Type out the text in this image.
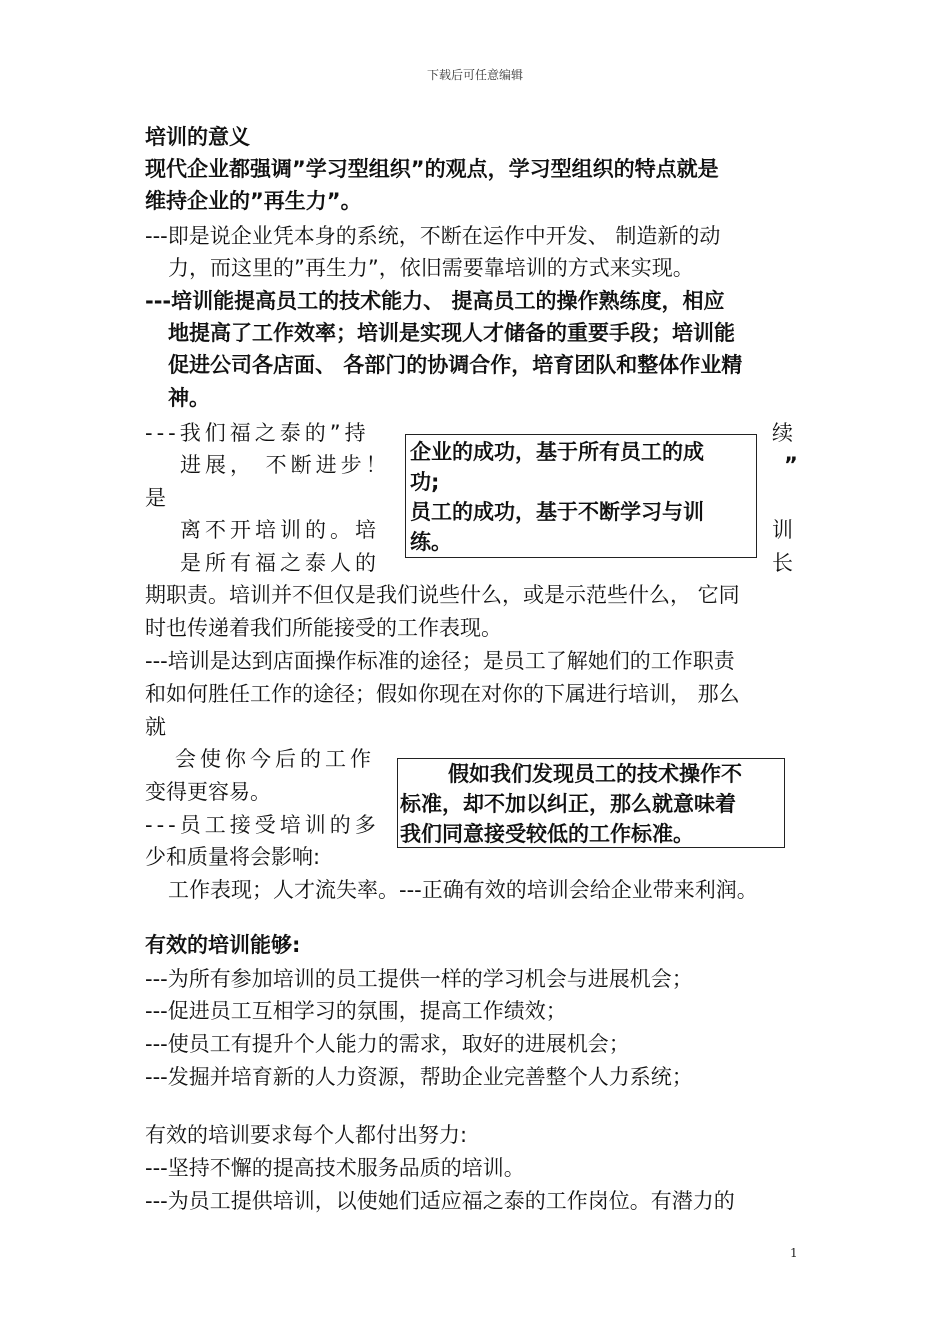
下载后可任意编辑
培训的意义
现代企业都强调”学习型组织”的观点，学习型组织的特点就是
维持企业的”再生力”。
---即是说企业凭本身的系统，不断在运作中开发、 制造新的动
力，而这里的”再生力”，依旧需要靠培训的方式来实现。
---培训能提高员工的技术能力、 提高员工的操作熟练度，相应
地提高了工作效率；培训是实现人才储备的重要手段；培训能
促进公司各店面、 各部门的协调合作，培育团队和整体作业精
神。
---我们福之泰的”持	续
进展， 不断进步！	”
是
离不开培训的。培	训
是所有福之泰人的	长
企业的成功，基于所有员工的成
功;
员工的成功，基于不断学习与训
练。
期职责。培训并不但仅是我们说些什么，或是示范些什么， 它同
时也传递着我们所能接受的工作表现。
---培训是达到店面操作标准的途径；是员工了解她们的工作职责
和如何胜任工作的途径；假如你现在对你的下属进行培训， 那么
就
会使你今后的工作
变得更容易。
---员工接受培训的多
少和质量将会影响:
假如我们发现员工的技术操作不
标准，却不加以纠正，那么就意味着
我们同意接受较低的工作标准。
工作表现；人才流失率。---正确有效的培训会给企业带来利润。
有效的培训能够:
---为所有参加培训的员工提供一样的学习机会与进展机会；
---促进员工互相学习的氛围，提高工作绩效；
---使员工有提升个人能力的需求，取好的进展机会；
---发掘并培育新的人力资源，帮助企业完善整个人力系统；
有效的培训要求每个人都付出努力:
---坚持不懈的提高技术服务品质的培训。
---为员工提供培训，以使她们适应福之泰的工作岗位。有潜力的
1
